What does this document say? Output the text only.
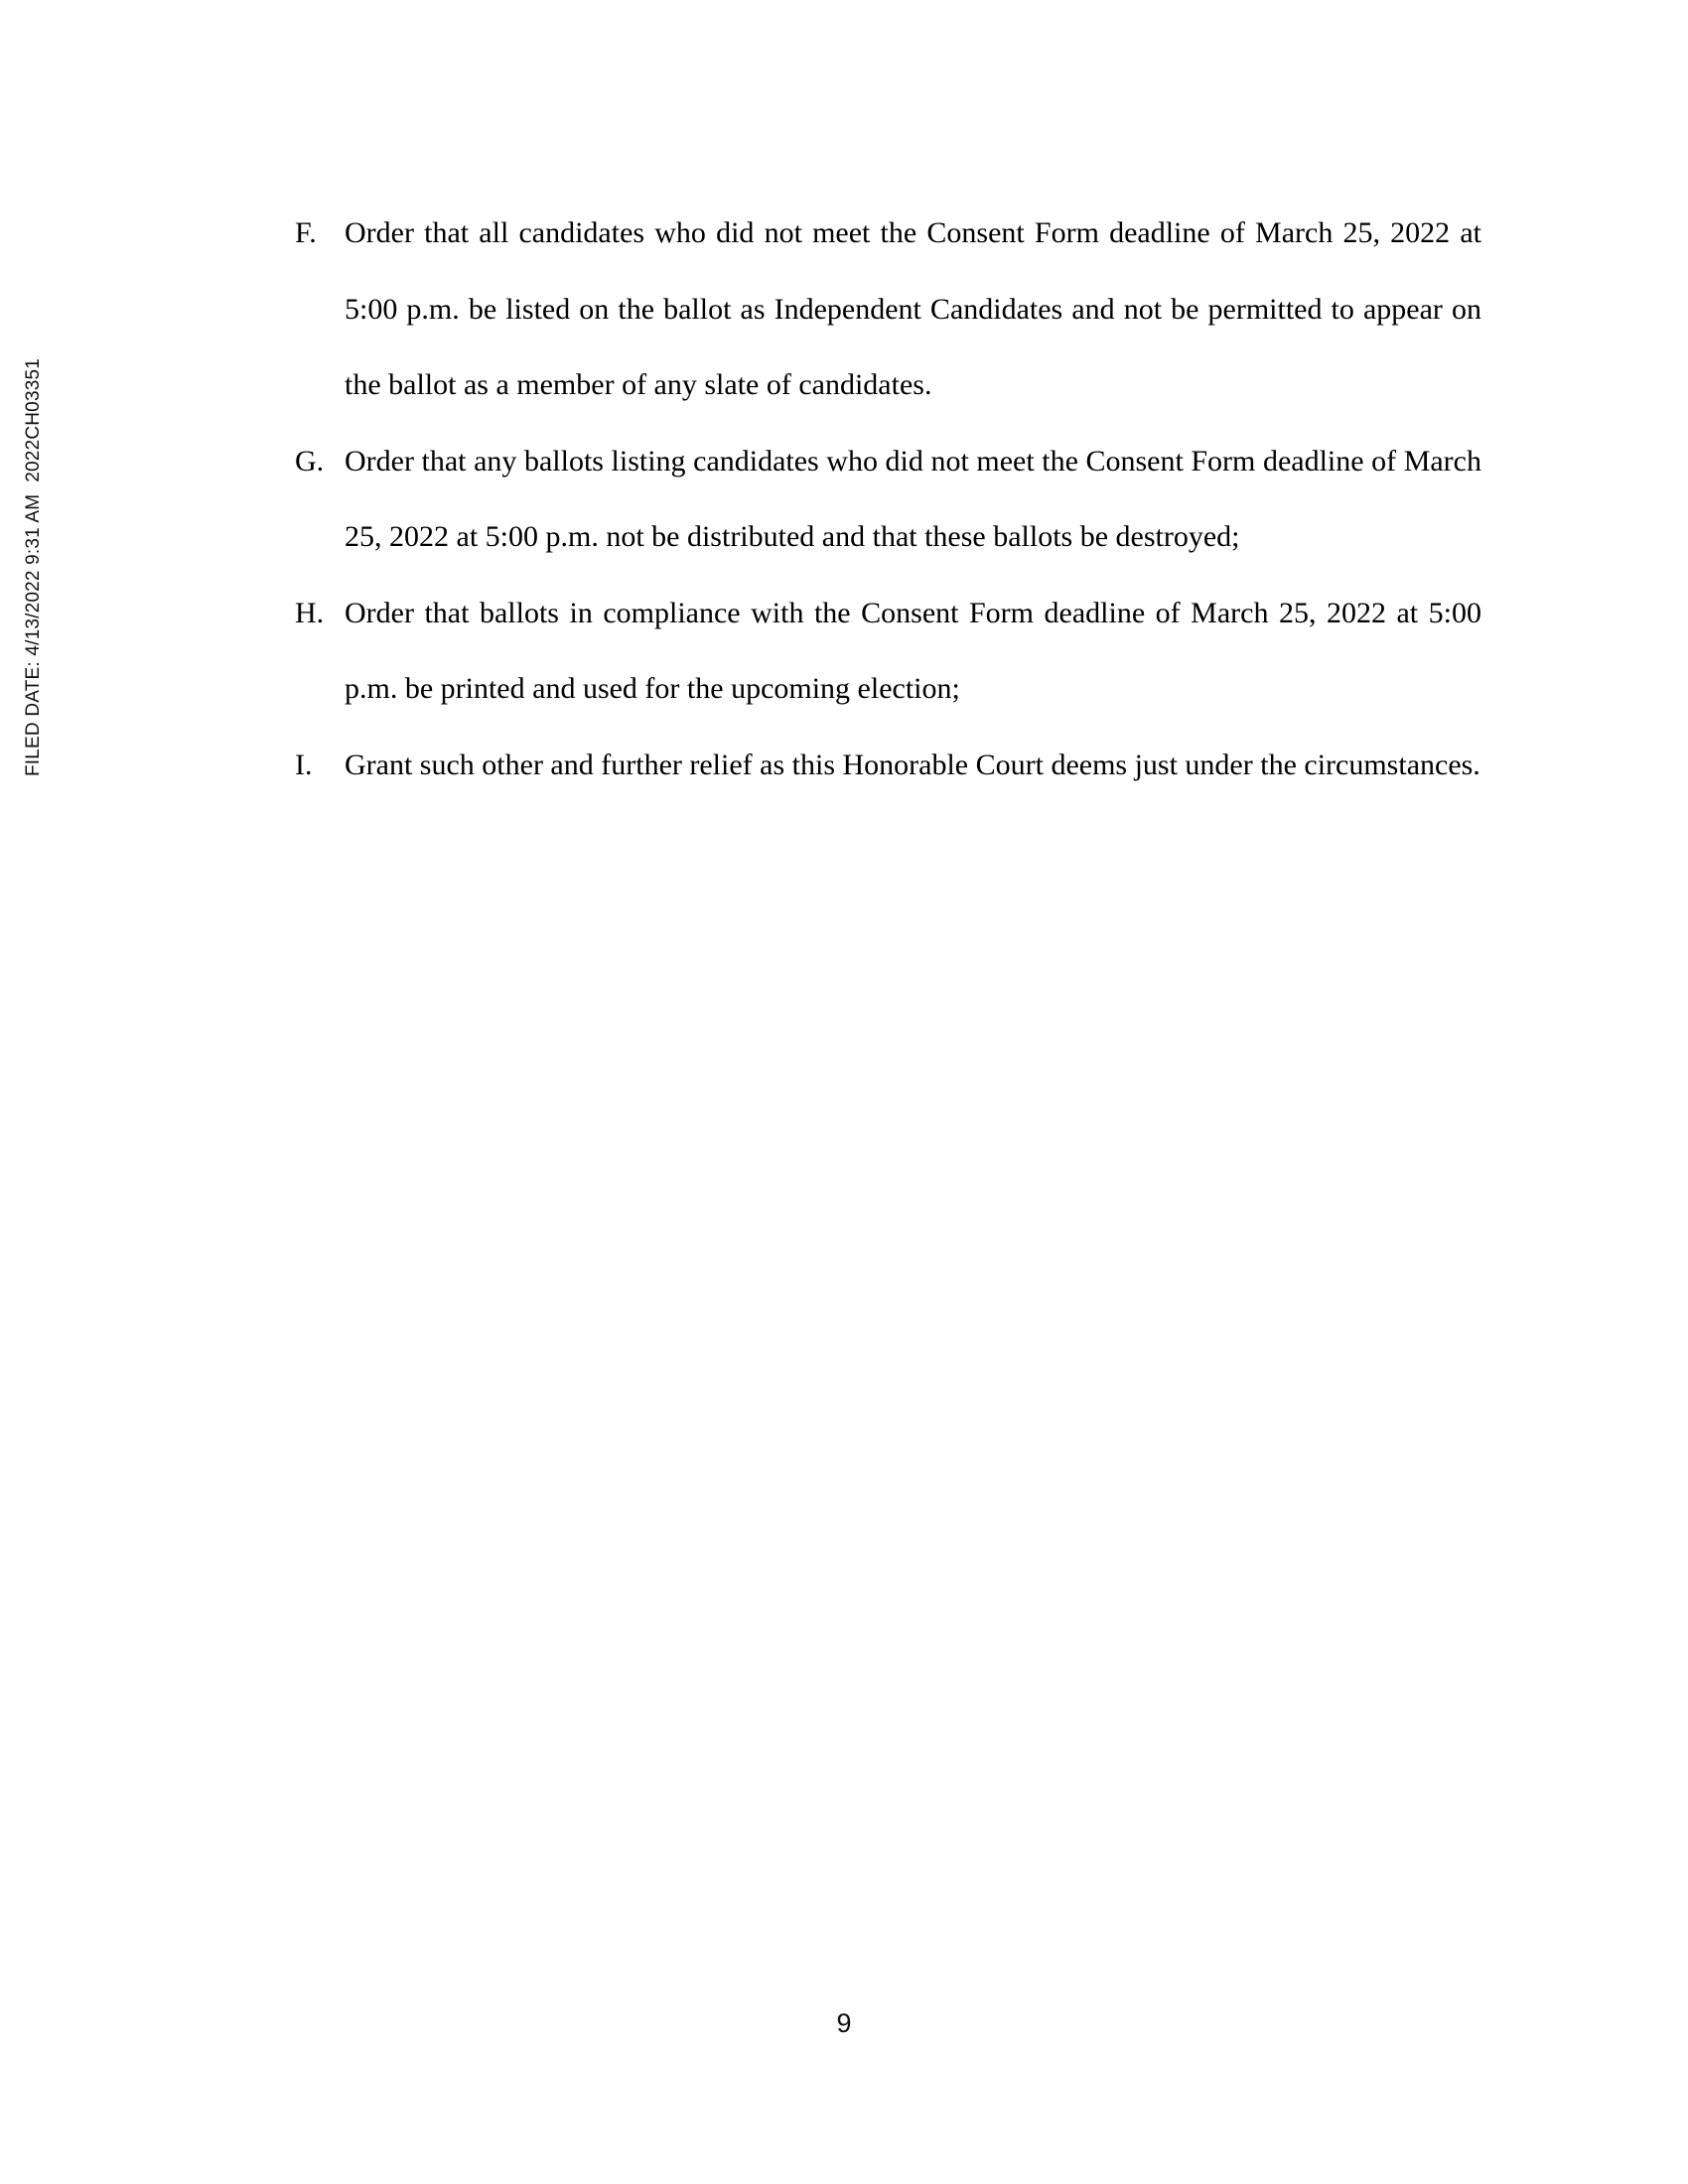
FILED DATE: 4/13/2022 9:31 AM2022CH03351
F. Order that all candidates who did not meet the Consent Form deadline of March 25, 2022 at 5:00 p.m. be listed on the ballot as Independent Candidates and not be permitted to appear on the ballot as a member of any slate of candidates.
G. Order that any ballots listing candidates who did not meet the Consent Form deadline of March 25, 2022 at 5:00 p.m. not be distributed and that these ballots be destroyed;
H. Order that ballots in compliance with the Consent Form deadline of March 25, 2022 at 5:00 p.m. be printed and used for the upcoming election;
I.	Grant such other and further relief as this Honorable Court deems just under the circumstances.
9
